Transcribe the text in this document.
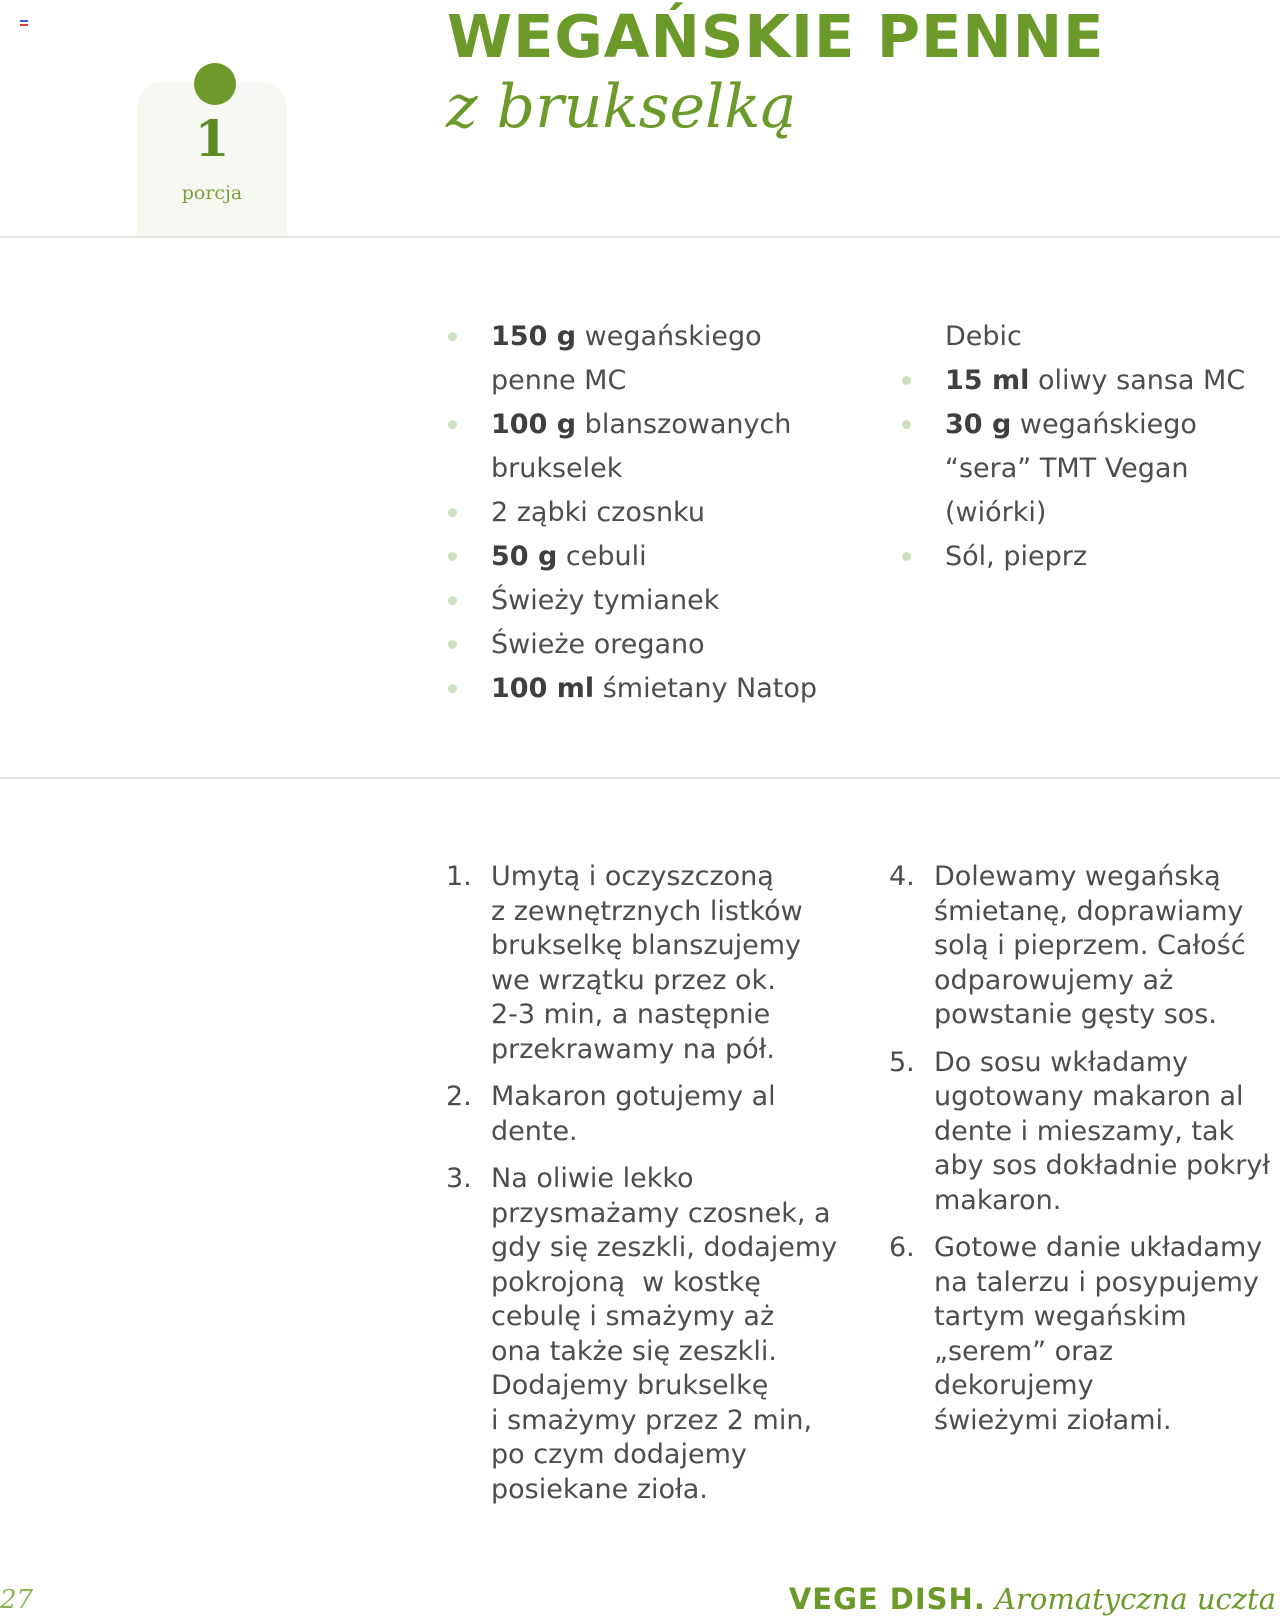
1
porcja
WEGAŃSKIE PENNE
z brukselką
150 g wegańskiego
penne MC
100 g blanszowanych
brukselek
2 ząbki czosnku
50 g cebuli
Świeży tymianek
Świeże oregano
100 ml śmietany Natop
Debic
15 ml oliwy sansa MC
30 g wegańskiego
“sera” TMT Vegan
(wiórki)
Sól, pieprz
1. Umytą i oczyszczoną
z zewnętrznych listków
brukselkę blanszujemy
we wrzątku przez ok.
2-3 min, a następnie
przekrawamy na pół.
2. Makaron gotujemy al
dente.
3. Na oliwie lekko
przysmażamy czosnek, a
gdy się zeszkli, dodajemy
pokrojoną  w kostkę
cebulę i smażymy aż
ona także się zeszkli.
Dodajemy brukselkę
i smażymy przez 2 min,
po czym dodajemy
posiekane zioła.
4. Dolewamy wegańską
śmietanę, doprawiamy
solą i pieprzem. Całość
odparowujemy aż
powstanie gęsty sos.
5. Do sosu wkładamy
ugotowany makaron al
dente i mieszamy, tak
aby sos dokładnie pokrył
makaron.
6. Gotowe danie układamy
na talerzu i posypujemy
tartym wegańskim
„serem” oraz dekorujemy
świeżymi ziołami.
27	VEGE DISH. Aromatyczna uczta
